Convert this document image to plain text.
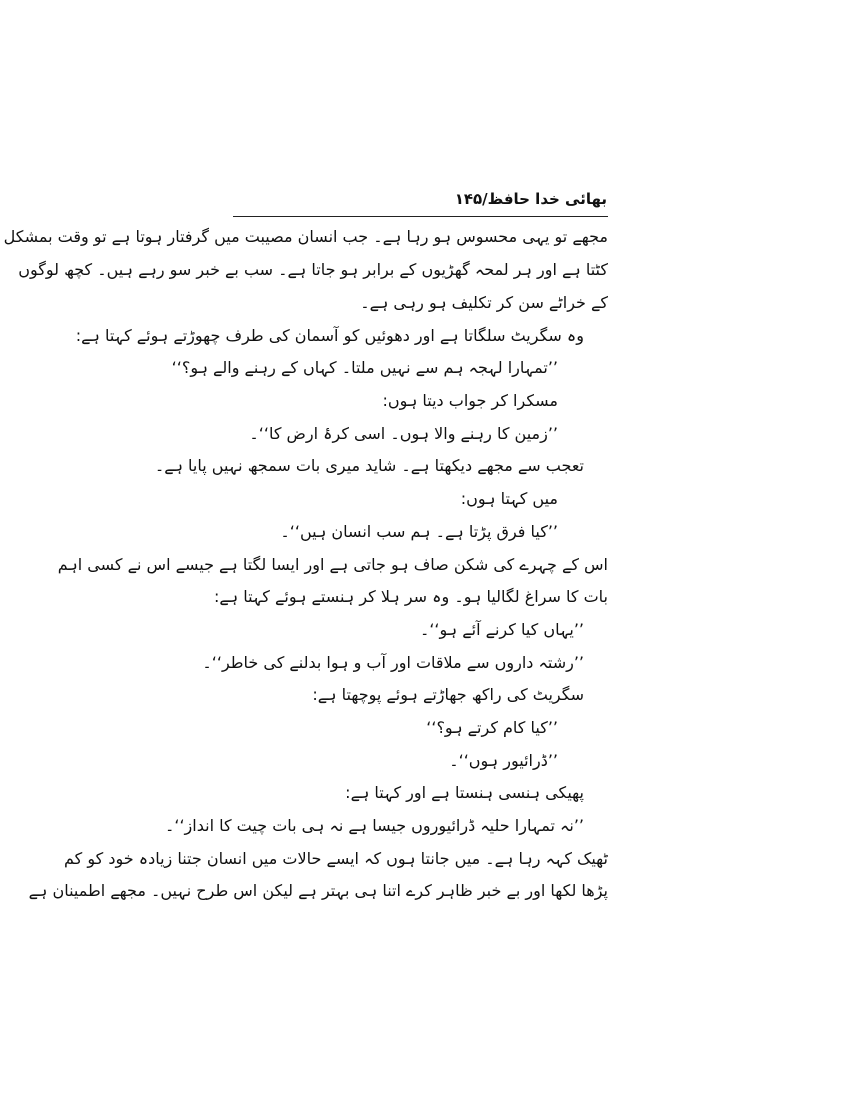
بھائی خدا حافظ/۱۴۵
مجھے تو یہی محسوس ہو رہا ہے۔ جب انسان مصیبت میں گرفتار ہوتا ہے تو وقت بمشکل
کٹتا ہے اور ہر لمحہ گھڑیوں کے برابر ہو جاتا ہے۔ سب بے خبر سو رہے ہیں۔ کچھ لوگوں
کے خراٹے سن کر تکلیف ہو رہی ہے۔
وہ سگریٹ سلگاتا ہے اور دھوئیں کو آسمان کی طرف چھوڑتے ہوئے کہتا ہے:
’’تمہارا لہجہ ہم سے نہیں ملتا۔ کہاں کے رہنے والے ہو؟‘‘
مسکرا کر جواب دیتا ہوں:
’’زمین کا رہنے والا ہوں۔ اسی کرۂ ارض کا‘‘۔
تعجب سے مجھے دیکھتا ہے۔ شاید میری بات سمجھ نہیں پایا ہے۔
میں کہتا ہوں:
’’کیا فرق پڑتا ہے۔ ہم سب انسان ہیں‘‘۔
اس کے چہرے کی شکن صاف ہو جاتی ہے اور ایسا لگتا ہے جیسے اس نے کسی اہم
بات کا سراغ لگالیا ہو۔ وہ سر ہلا کر ہنستے ہوئے کہتا ہے:
’’یہاں کیا کرنے آئے ہو‘‘۔
’’رشتہ داروں سے ملاقات اور آب و ہوا بدلنے کی خاطر‘‘۔
سگریٹ کی راکھ جھاڑتے ہوئے پوچھتا ہے:
’’کیا کام کرتے ہو؟‘‘
’’ڈرائیور ہوں‘‘۔
پھیکی ہنسی ہنستا ہے اور کہتا ہے:
’’نہ تمہارا حلیہ ڈرائیوروں جیسا ہے نہ ہی بات چیت کا انداز‘‘۔
ٹھیک کہہ رہا ہے۔ میں جانتا ہوں کہ ایسے حالات میں انسان جتنا زیادہ خود کو کم
پڑھا لکھا اور بے خبر ظاہر کرے اتنا ہی بہتر ہے لیکن اس طرح نہیں۔ مجھے اطمینان ہے
